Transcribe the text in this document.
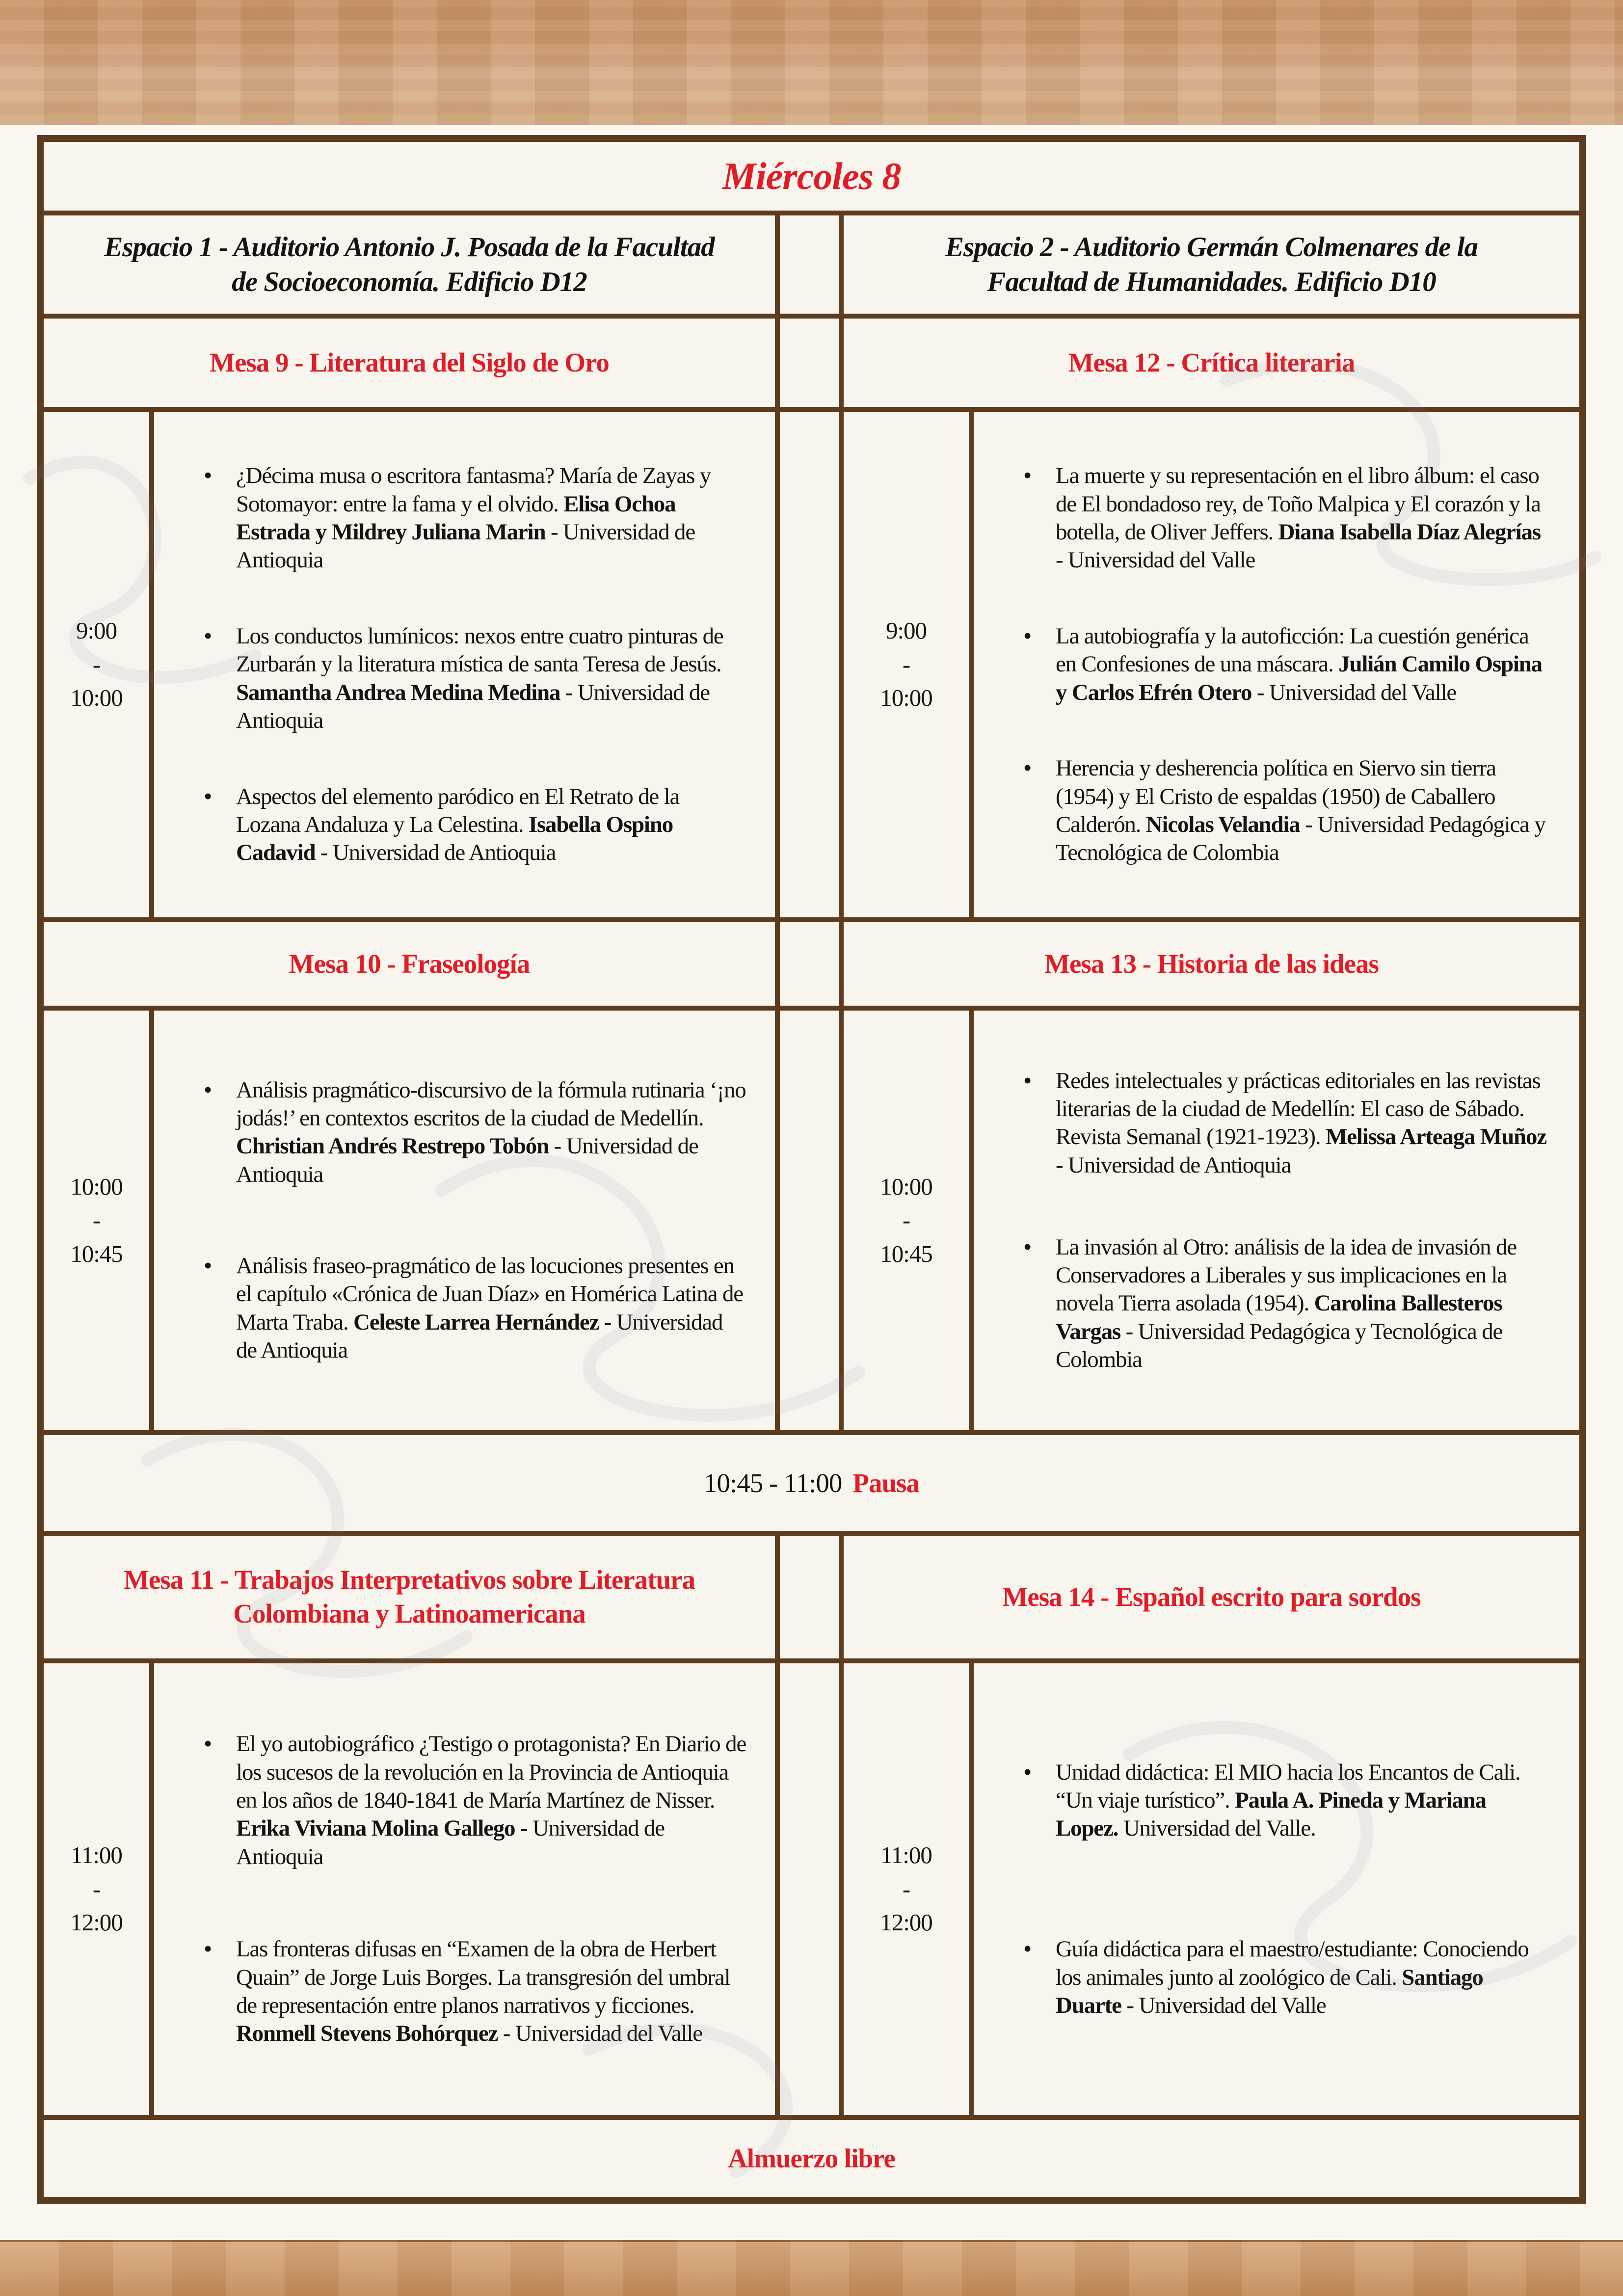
Miércoles 8
Espacio 1 - Auditorio Antonio J. Posada de la Facultad de Socioeconomía. Edificio D12
Espacio 2 - Auditorio Germán Colmenares de la Facultad de Humanidades. Edificio D10
Mesa 9 - Literatura del Siglo de Oro	Mesa 12 - Crítica literaria
9:00
-
10:00
• ¿Décima musa o escritora fantasma? María de Zayas y Sotomayor: entre la fama y el olvido. Elisa Ochoa Estrada y Mildrey Juliana Marin - Universidad de Antioquia
• Los conductos lumínicos: nexos entre cuatro pinturas de Zurbarán y la literatura mística de santa Teresa de Jesús. Samantha Andrea Medina Medina - Universidad de Antioquia
• Aspectos del elemento paródico en El Retrato de la Lozana Andaluza y La Celestina. Isabella Ospino Cadavid - Universidad de Antioquia
9:00
-
10:00
• La muerte y su representación en el libro álbum: el caso de El bondadoso rey, de Toño Malpica y El corazón y la botella, de Oliver Jeffers. Diana Isabella Díaz Alegrías - Universidad del Valle
• La autobiografía y la autoficción: La cuestión genérica en Confesiones de una máscara. Julián Camilo Ospina y Carlos Efrén Otero - Universidad del Valle
• Herencia y desherencia política en Siervo sin tierra (1954) y El Cristo de espaldas (1950) de Caballero Calderón. Nicolas Velandia - Universidad Pedagógica y Tecnológica de Colombia
Mesa 10 - Fraseología	Mesa 13 - Historia de las ideas
10:00
-
10:45
• Análisis pragmático-discursivo de la fórmula rutinaria ‘¡no jodás!’ en contextos escritos de la ciudad de Medellín. Christian Andrés Restrepo Tobón - Universidad de Antioquia
• Análisis fraseo-pragmático de las locuciones presentes en el capítulo «Crónica de Juan Díaz» en Homérica Latina de Marta Traba. Celeste Larrea Hernández - Universidad de Antioquia
10:00
-
10:45
• Redes intelectuales y prácticas editoriales en las revistas literarias de la ciudad de Medellín: El caso de Sábado. Revista Semanal (1921-1923). Melissa Arteaga Muñoz - Universidad de Antioquia
• La invasión al Otro: análisis de la idea de invasión de Conservadores a Liberales y sus implicaciones en la novela Tierra asolada (1954). Carolina Ballesteros Vargas - Universidad Pedagógica y Tecnológica de Colombia
10:45 - 11:00 Pausa
Mesa 11 - Trabajos Interpretativos sobre Literatura Colombiana y Latinoamericana
Mesa 14 - Español escrito para sordos
11:00
-
12:00
• El yo autobiográfico ¿Testigo o protagonista? En Diario de los sucesos de la revolución en la Provincia de Antioquia en los años de 1840-1841 de María Martínez de Nisser. Erika Viviana Molina Gallego - Universidad de Antioquia
• Las fronteras difusas en “Examen de la obra de Herbert Quain” de Jorge Luis Borges. La transgresión del umbral de representación entre planos narrativos y ficciones. Ronmell Stevens Bohórquez - Universidad del Valle
11:00
-
12:00
• Unidad didáctica: El MIO hacia los Encantos de Cali. “Un viaje turístico”. Paula A. Pineda y Mariana Lopez. Universidad del Valle.
• Guía didáctica para el maestro/estudiante: Conociendo los animales junto al zoológico de Cali. Santiago Duarte - Universidad del Valle
Almuerzo libre
